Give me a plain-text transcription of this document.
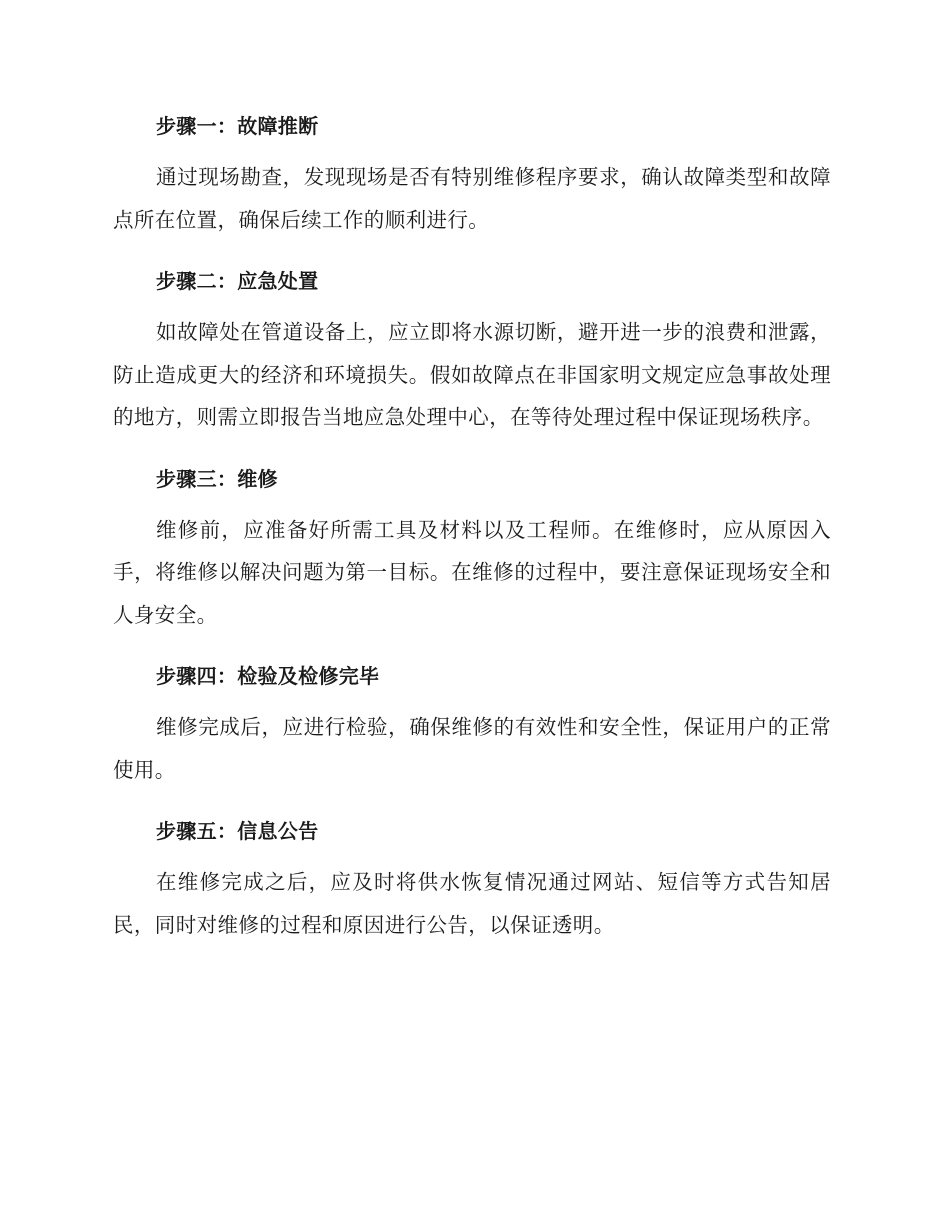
步骤一：故障推断

通过现场勘查，发现现场是否有特别维修程序要求，确认故障类型和故障点所在位置，确保后续工作的顺利进行。

步骤二：应急处置

如故障处在管道设备上，应立即将水源切断，避开进一步的浪费和泄露，防止造成更大的经济和环境损失。假如故障点在非国家明文规定应急事故处理的地方，则需立即报告当地应急处理中心，在等待处理过程中保证现场秩序。

步骤三：维修

维修前，应准备好所需工具及材料以及工程师。在维修时，应从原因入手，将维修以解决问题为第一目标。在维修的过程中，要注意保证现场安全和人身安全。

步骤四：检验及检修完毕

维修完成后，应进行检验，确保维修的有效性和安全性，保证用户的正常使用。

步骤五：信息公告

在维修完成之后，应及时将供水恢复情况通过网站、短信等方式告知居民，同时对维修的过程和原因进行公告，以保证透明。
